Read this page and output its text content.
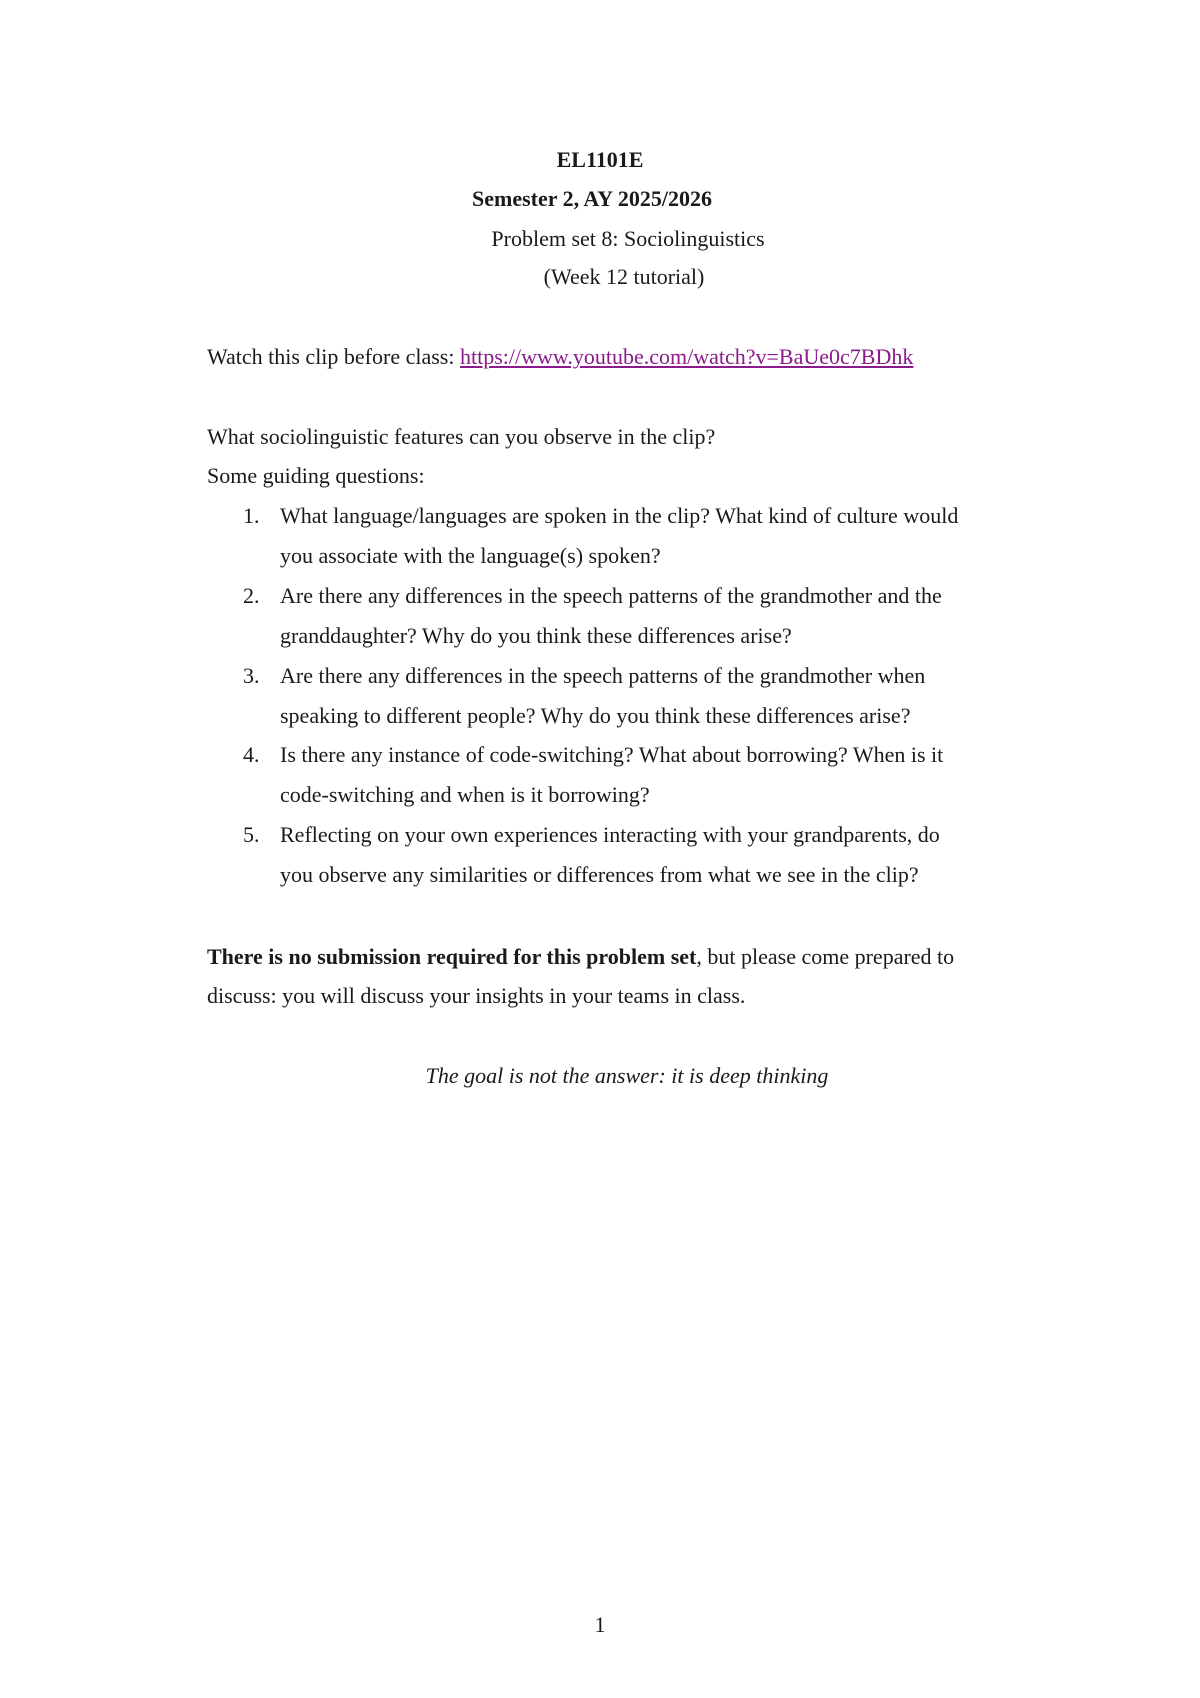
EL1101E
Semester 2, AY 2025/2026
Problem set 8: Sociolinguistics
(Week 12 tutorial)
Watch this clip before class: https://www.youtube.com/watch?v=BaUe0c7BDhk
What sociolinguistic features can you observe in the clip?
Some guiding questions:
1. What language/languages are spoken in the clip? What kind of culture would
you associate with the language(s) spoken?
2. Are there any differences in the speech patterns of the grandmother and the
granddaughter? Why do you think these differences arise?
3. Are there any differences in the speech patterns of the grandmother when
speaking to different people? Why do you think these differences arise?
4. Is there any instance of code-switching? What about borrowing? When is it
code-switching and when is it borrowing?
5. Reflecting on your own experiences interacting with your grandparents, do
you observe any similarities or differences from what we see in the clip?
There is no submission required for this problem set, but please come prepared to
discuss: you will discuss your insights in your teams in class.
The goal is not the answer: it is deep thinking
1
